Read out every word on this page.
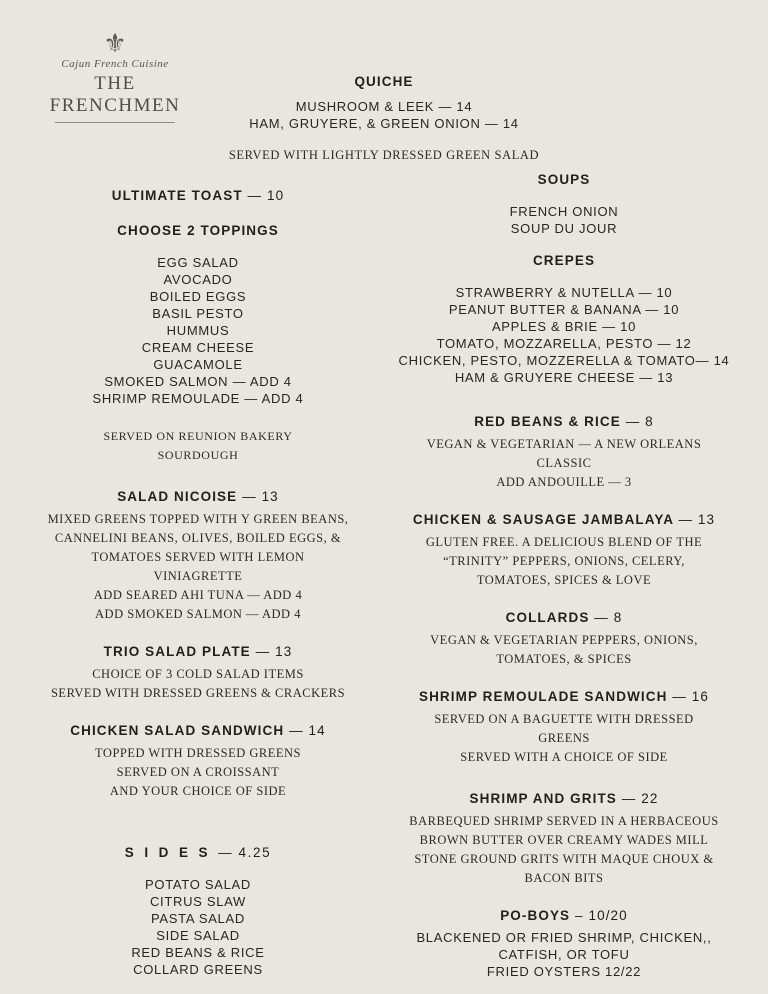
⚜
Cajun French Cuisine
THE FRENCHMEN
QUICHE
MUSHROOM & LEEK — 14
HAM, GRUYERE, & GREEN ONION — 14
SERVED WITH LIGHTLY DRESSED GREEN SALAD
ULTIMATE TOAST — 10
CHOOSE 2 TOPPINGS
EGG SALAD
AVOCADO
BOILED EGGS
BASIL PESTO
HUMMUS
CREAM CHEESE
GUACAMOLE
SMOKED SALMON — ADD 4
SHRIMP REMOULADE — ADD 4
SERVED ON REUNION BAKERY
SOURDOUGH
SALAD NICOISE — 13
MIXED GREENS TOPPED WITH Y GREEN BEANS,
CANNELINI BEANS, OLIVES, BOILED EGGS, &
TOMATOES SERVED WITH LEMON
VINIAGRETTE
ADD SEARED AHI TUNA — ADD 4
ADD SMOKED SALMON — ADD 4
TRIO SALAD PLATE — 13
CHOICE OF 3 COLD SALAD ITEMS
SERVED WITH DRESSED GREENS & CRACKERS
CHICKEN SALAD SANDWICH — 14
TOPPED WITH DRESSED GREENS
SERVED ON A CROISSANT
AND YOUR CHOICE OF SIDE
S I D E S — 4.25
POTATO SALAD
CITRUS SLAW
PASTA SALAD
SIDE SALAD
RED BEANS & RICE
COLLARD GREENS
SOUPS
FRENCH ONION
SOUP DU JOUR
CREPES
STRAWBERRY & NUTELLA — 10
PEANUT BUTTER & BANANA — 10
APPLES & BRIE — 10
TOMATO, MOZZARELLA, PESTO — 12
CHICKEN, PESTO, MOZZERELLA & TOMATO— 14
HAM & GRUYERE CHEESE — 13
RED BEANS & RICE — 8
VEGAN & VEGETARIAN — A NEW ORLEANS
CLASSIC
ADD ANDOUILLE — 3
CHICKEN & SAUSAGE JAMBALAYA — 13
GLUTEN FREE. A DELICIOUS BLEND OF THE
“TRINITY” PEPPERS, ONIONS, CELERY,
TOMATOES, SPICES & LOVE
COLLARDS — 8
VEGAN & VEGETARIAN PEPPERS, ONIONS,
TOMATOES, & SPICES
SHRIMP REMOULADE SANDWICH — 16
SERVED ON A BAGUETTE WITH DRESSED
GREENS
SERVED WITH A CHOICE OF SIDE
SHRIMP AND GRITS — 22
BARBEQUED SHRIMP SERVED IN A HERBACEOUS
BROWN BUTTER OVER CREAMY WADES MILL
STONE GROUND GRITS WITH MAQUE CHOUX &
BACON BITS
PO-BOYS – 10/20
BLACKENED OR FRIED SHRIMP, CHICKEN,,
CATFISH, OR TOFU
FRIED OYSTERS 12/22
